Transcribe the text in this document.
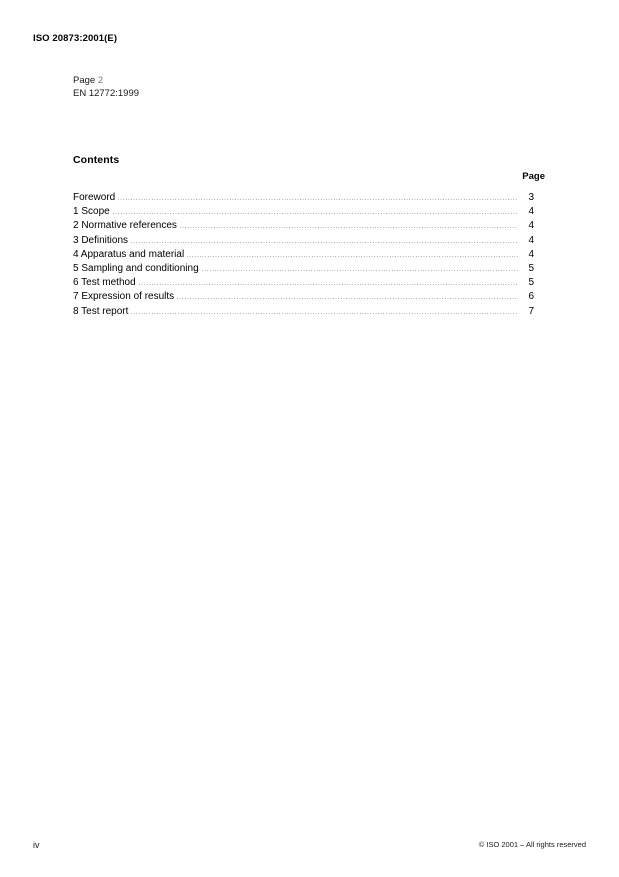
ISO 20873:2001(E)
Page 2
EN 12772:1999
Contents
Page
Foreword	3
1 Scope	4
2 Normative references	4
3 Definitions	4
4 Apparatus and material	4
5 Sampling and conditioning	5
6 Test method	5
7 Expression of results	6
8 Test report	7
iv	© ISO 2001 – All rights reserved
